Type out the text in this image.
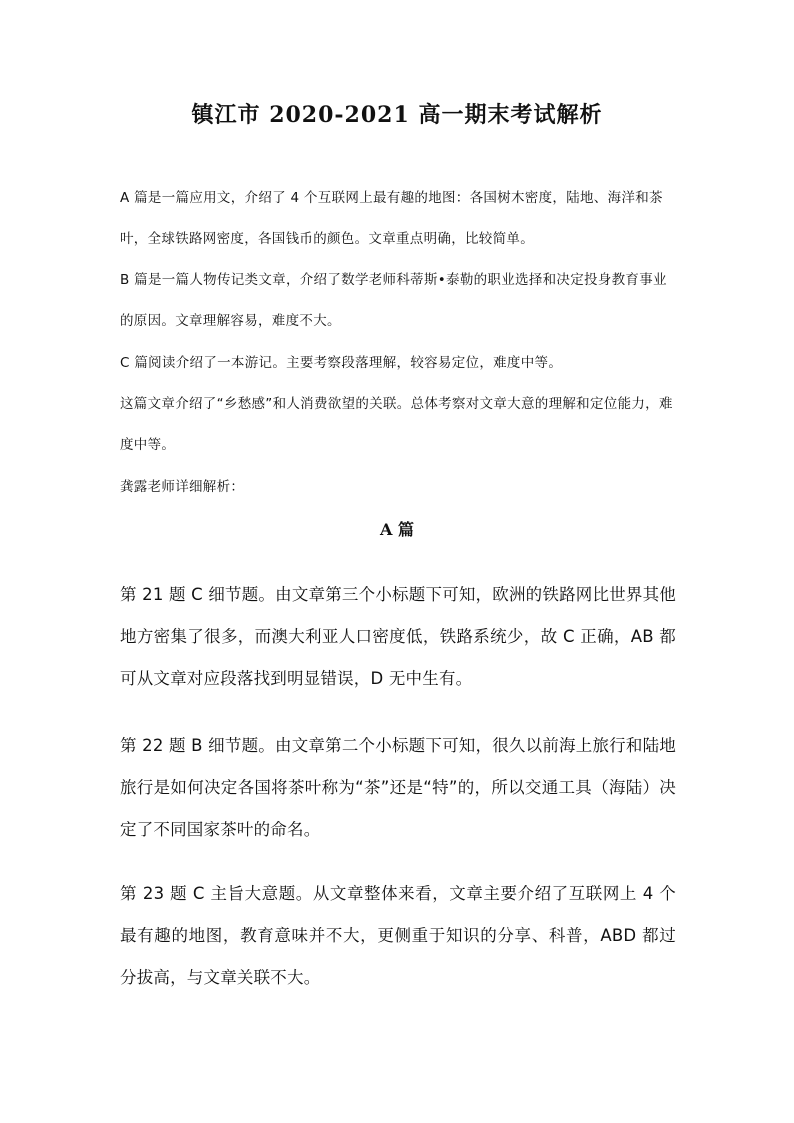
镇江市 2020-2021 高一期末考试解析

A 篇是一篇应用文，介绍了 4 个互联网上最有趣的地图：各国树木密度，陆地、海洋和茶叶，全球铁路网密度，各国钱币的颜色。文章重点明确，比较简单。

B 篇是一篇人物传记类文章，介绍了数学老师科蒂斯•泰勒的职业选择和决定投身教育事业的原因。文章理解容易，难度不大。

C 篇阅读介绍了一本游记。主要考察段落理解，较容易定位，难度中等。

这篇文章介绍了“乡愁感”和人消费欲望的关联。总体考察对文章大意的理解和定位能力，难度中等。

龚露老师详细解析：

A 篇

第 21 题 C 细节题。由文章第三个小标题下可知，欧洲的铁路网比世界其他地方密集了很多，而澳大利亚人口密度低，铁路系统少，故 C 正确，AB 都可从文章对应段落找到明显错误，D 无中生有。

第 22 题 B 细节题。由文章第二个小标题下可知，很久以前海上旅行和陆地旅行是如何决定各国将茶叶称为“茶”还是“特”的，所以交通工具（海陆）决定了不同国家茶叶的命名。

第 23 题 C 主旨大意题。从文章整体来看，文章主要介绍了互联网上 4 个最有趣的地图，教育意味并不大，更侧重于知识的分享、科普，ABD 都过分拔高，与文章关联不大。
